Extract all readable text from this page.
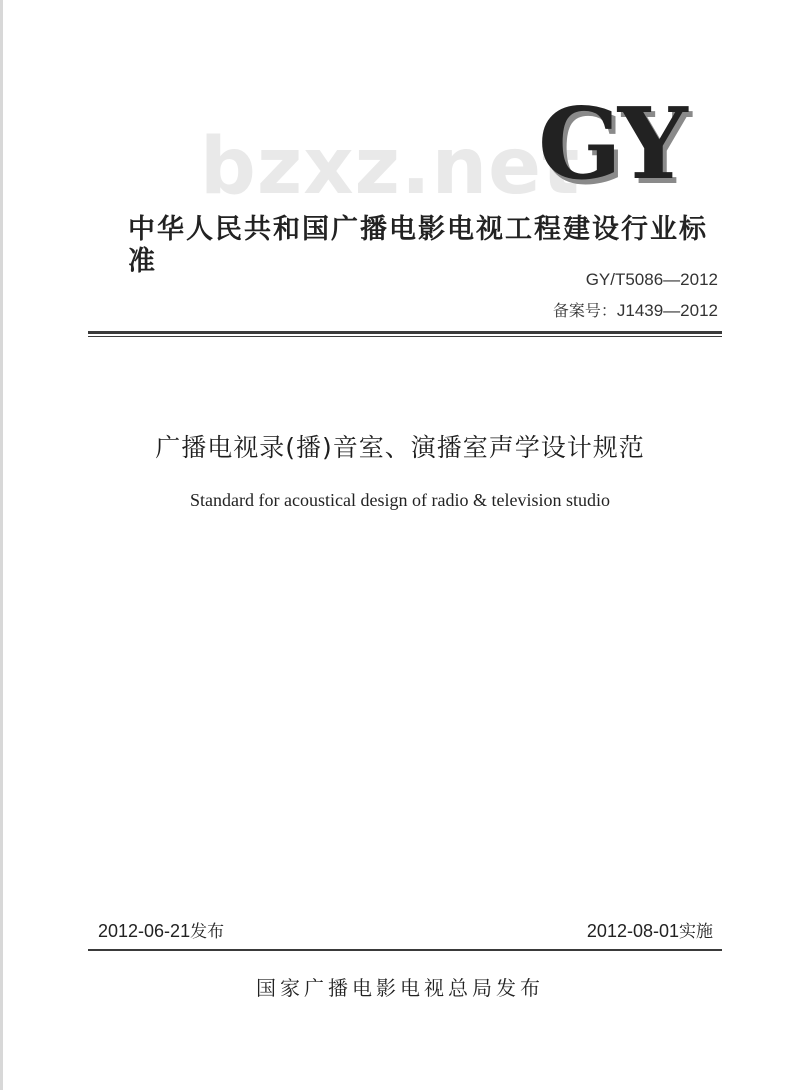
bzxz.net
GY
中华人民共和国广播电影电视工程建设行业标准
GY/T5086—2012
备案号：J1439—2012
广播电视录(播)音室、演播室声学设计规范
Standard for acoustical design of radio & television studio
2012-06-21发布	2012-08-01实施
国家广播电影电视总局发布
